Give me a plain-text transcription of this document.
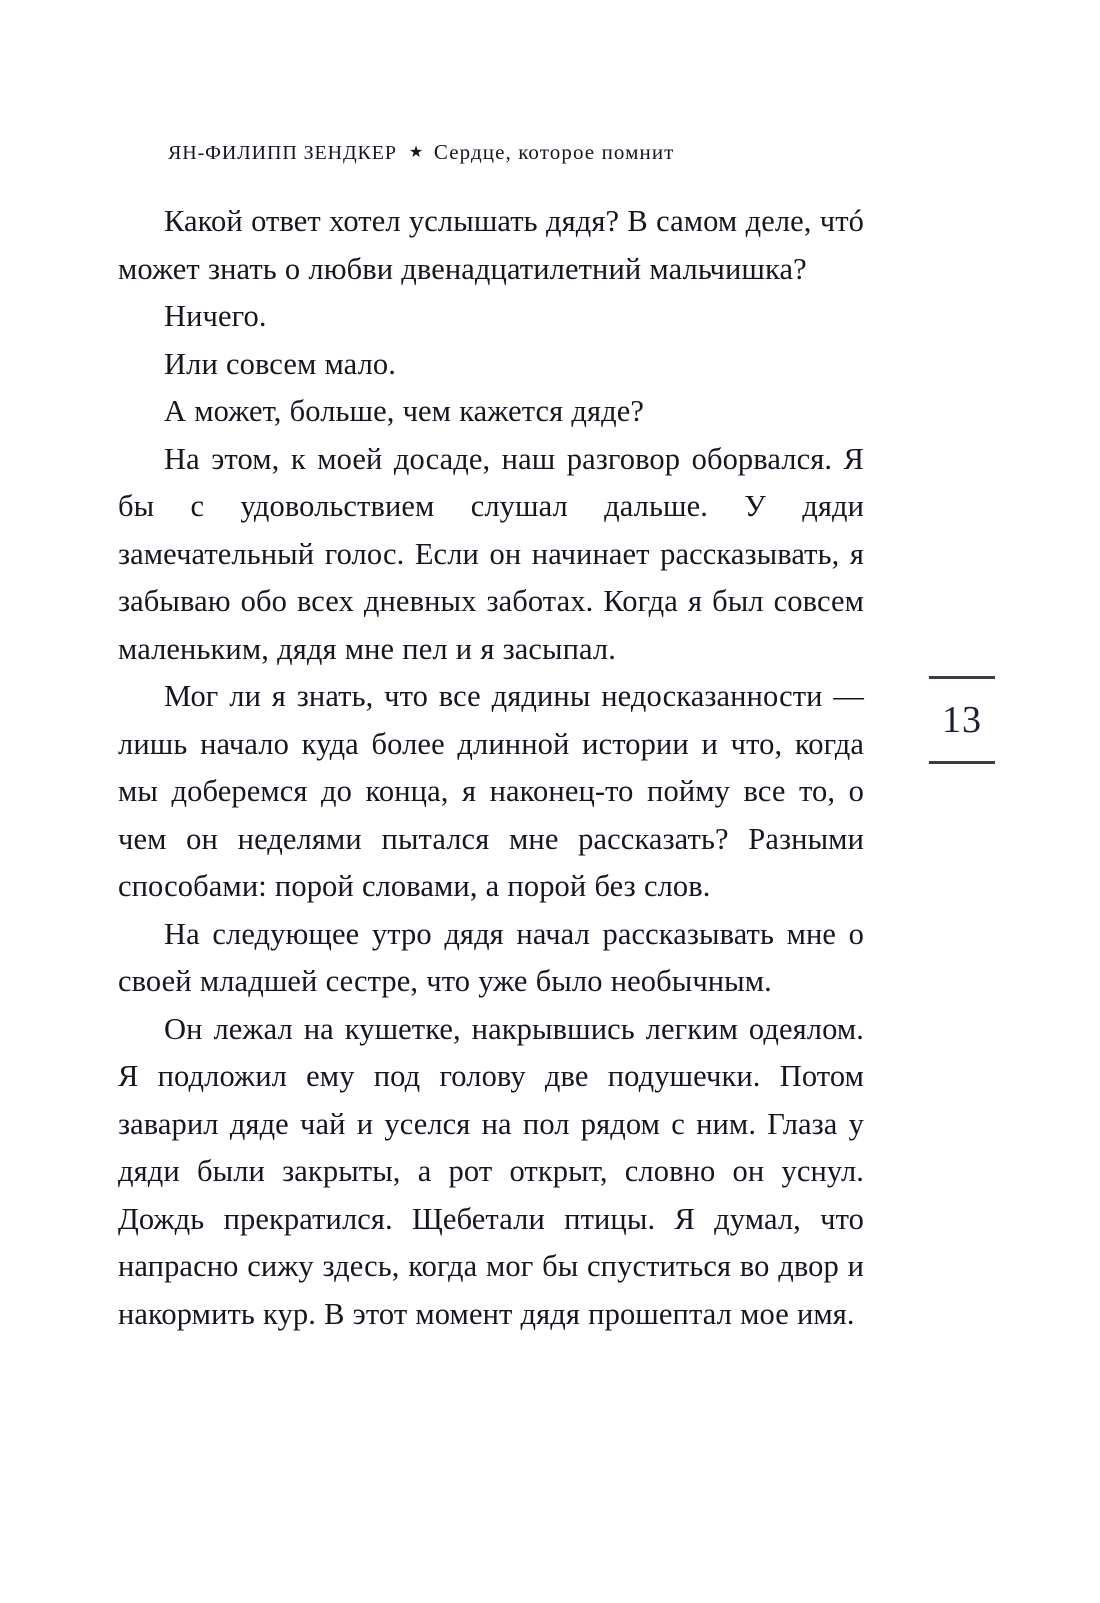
ЯН-ФИЛИПП ЗЕНДКЕР ★ Сердце, которое помнит

Какой ответ хотел услышать дядя? В самом деле, чтó может знать о любви двенадцатилетний мальчишка?

Ничего.

Или совсем мало.

А может, больше, чем кажется дяде?

На этом, к моей досаде, наш разговор оборвался. Я бы с удовольствием слушал дальше. У дяди замечательный голос. Если он начинает рассказывать, я забываю обо всех дневных заботах. Когда я был совсем маленьким, дядя мне пел и я засыпал.

Мог ли я знать, что все дядины недосказанности — лишь начало куда более длинной истории и что, когда мы доберемся до конца, я наконец-то пойму все то, о чем он неделями пытался мне рассказать? Разными способами: порой словами, а порой без слов.

На следующее утро дядя начал рассказывать мне о своей младшей сестре, что уже было необычным.

Он лежал на кушетке, накрывшись легким одеялом. Я подложил ему под голову две подушечки. Потом заварил дяде чай и уселся на пол рядом с ним. Глаза у дяди были закрыты, а рот открыт, словно он уснул. Дождь прекратился. Щебетали птицы. Я думал, что напрасно сижу здесь, когда мог бы спуститься во двор и накормить кур. В этот момент дядя прошептал мое имя.

13
